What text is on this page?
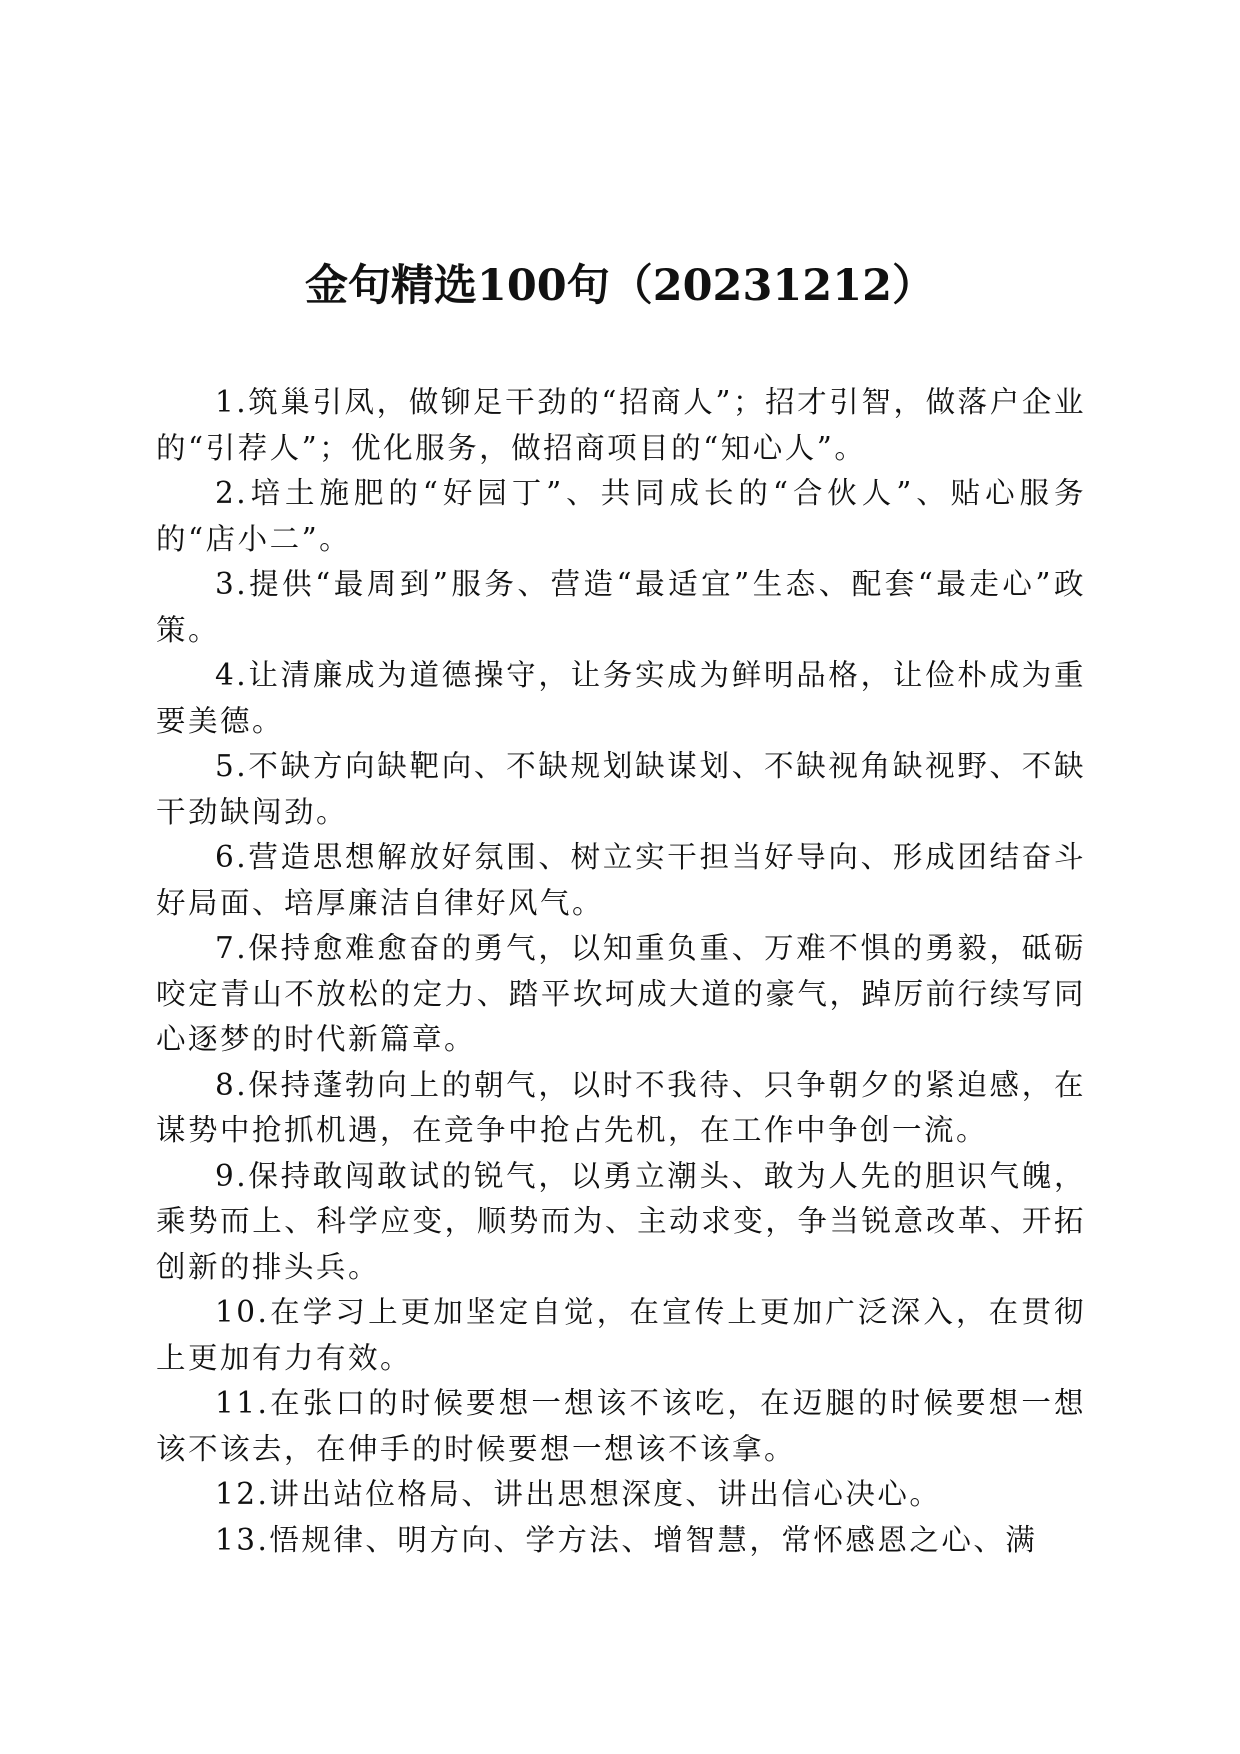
金句精选100句（20231212）

1.筑巢引凤，做铆足干劲的“招商人”；招才引智，做落户企业的“引荐人”；优化服务，做招商项目的“知心人”。

2.培土施肥的“好园丁”、共同成长的“合伙人”、贴心服务的“店小二”。

3.提供“最周到”服务、营造“最适宜”生态、配套“最走心”政策。

4.让清廉成为道德操守，让务实成为鲜明品格，让俭朴成为重要美德。

5.不缺方向缺靶向、不缺规划缺谋划、不缺视角缺视野、不缺干劲缺闯劲。

6.营造思想解放好氛围、树立实干担当好导向、形成团结奋斗好局面、培厚廉洁自律好风气。

7.保持愈难愈奋的勇气，以知重负重、万难不惧的勇毅，砥砺咬定青山不放松的定力、踏平坎坷成大道的豪气，踔厉前行续写同心逐梦的时代新篇章。

8.保持蓬勃向上的朝气，以时不我待、只争朝夕的紧迫感，在谋势中抢抓机遇，在竞争中抢占先机，在工作中争创一流。

9.保持敢闯敢试的锐气，以勇立潮头、敢为人先的胆识气魄，乘势而上、科学应变，顺势而为、主动求变，争当锐意改革、开拓创新的排头兵。

10.在学习上更加坚定自觉，在宣传上更加广泛深入，在贯彻上更加有力有效。

11.在张口的时候要想一想该不该吃，在迈腿的时候要想一想该不该去，在伸手的时候要想一想该不该拿。

12.讲出站位格局、讲出思想深度、讲出信心决心。

13.悟规律、明方向、学方法、增智慧，常怀感恩之心、满
